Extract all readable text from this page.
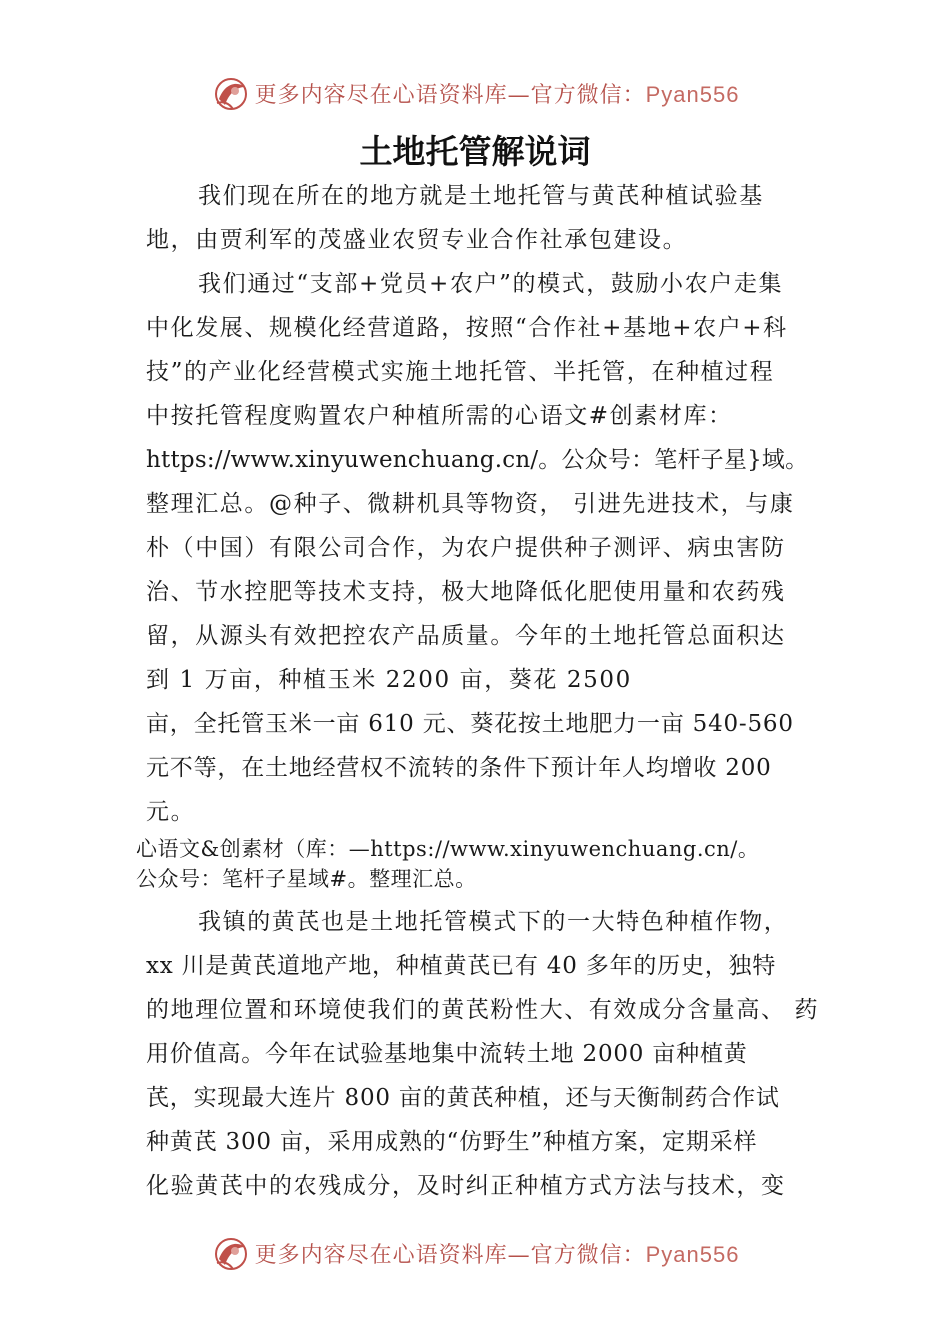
更多内容尽在心语资料库—官方微信：Pyan556
土地托管解说词
我们现在所在的地方就是土地托管与黄芪种植试验基
地，由贾利军的茂盛业农贸专业合作社承包建设。
我们通过“支部+党员+农户”的模式，鼓励小农户走集
中化发展、规模化经营道路，按照“合作社+基地+农户+科
技”的产业化经营模式实施土地托管、半托管，在种植过程
中按托管程度购置农户种植所需的心语文#创素材库：
https://www.xinyuwenchuang.cn/。公众号：笔杆子星}域。
整理汇总。@种子、微耕机具等物资， 引进先进技术，与康
朴（中国）有限公司合作，为农户提供种子测评、病虫害防
治、节水控肥等技术支持，极大地降低化肥使用量和农药残
留，从源头有效把控农产品质量。今年的土地托管总面积达
到 1 万亩，种植玉米 2200 亩，葵花 2500
亩，全托管玉米一亩 610 元、葵花按土地肥力一亩 540-560
元不等，在土地经营权不流转的条件下预计年人均增收 200
元。
心语文&创素材（库：—https://www.xinyuwenchuang.cn/。
公众号：笔杆子星域#。整理汇总。
我镇的黄芪也是土地托管模式下的一大特色种植作物，
xx 川是黄芪道地产地，种植黄芪已有 40 多年的历史，独特
的地理位置和环境使我们的黄芪粉性大、有效成分含量高、 药
用价值高。今年在试验基地集中流转土地 2000 亩种植黄
芪，实现最大连片 800 亩的黄芪种植，还与天衡制药合作试
种黄芪 300 亩，采用成熟的“仿野生”种植方案，定期采样
化验黄芪中的农残成分，及时纠正种植方式方法与技术，变
更多内容尽在心语资料库—官方微信：Pyan556
